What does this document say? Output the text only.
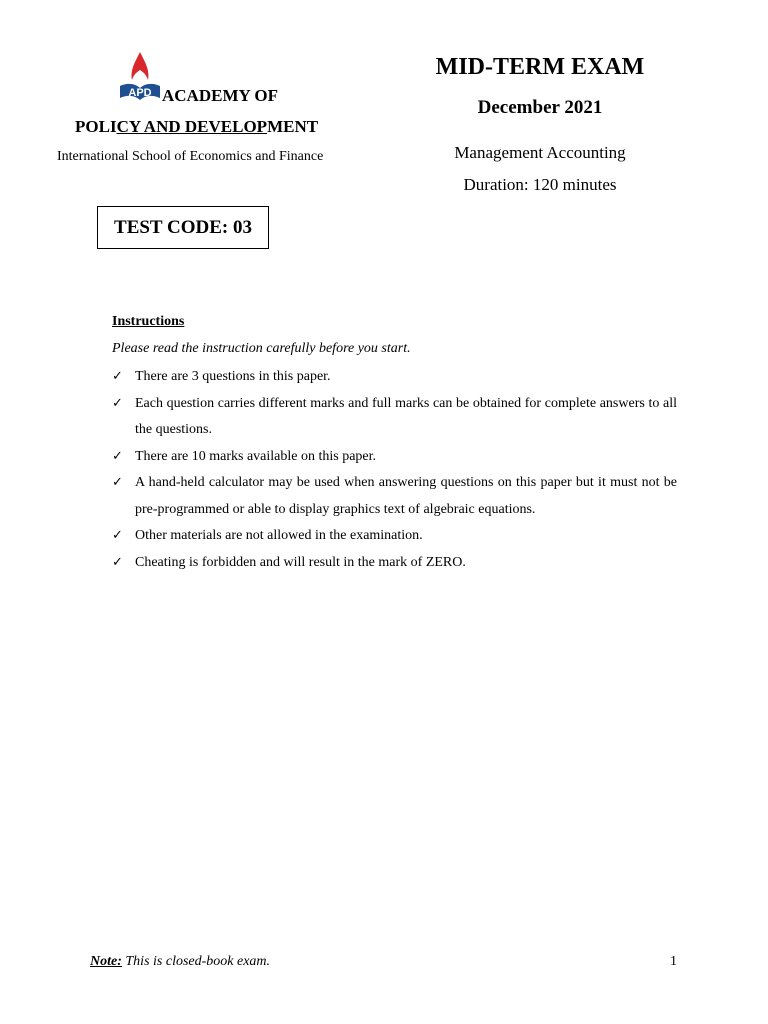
APD ACADEMY OF
POLICY AND DEVELOPMENT
International School of Economics and Finance
MID-TERM EXAM
December 2021
Management Accounting
Duration: 120 minutes
TEST CODE: 03
Instructions
Please read the instruction carefully before you start.
✓ There are 3 questions in this paper.
✓ Each question carries different marks and full marks can be obtained for complete answers to all the questions.
✓ There are 10 marks available on this paper.
✓ A hand-held calculator may be used when answering questions on this paper but it must not be pre-programmed or able to display graphics text of algebraic equations.
✓ Other materials are not allowed in the examination.
✓ Cheating is forbidden and will result in the mark of ZERO.
Note: This is closed-book exam.	1
